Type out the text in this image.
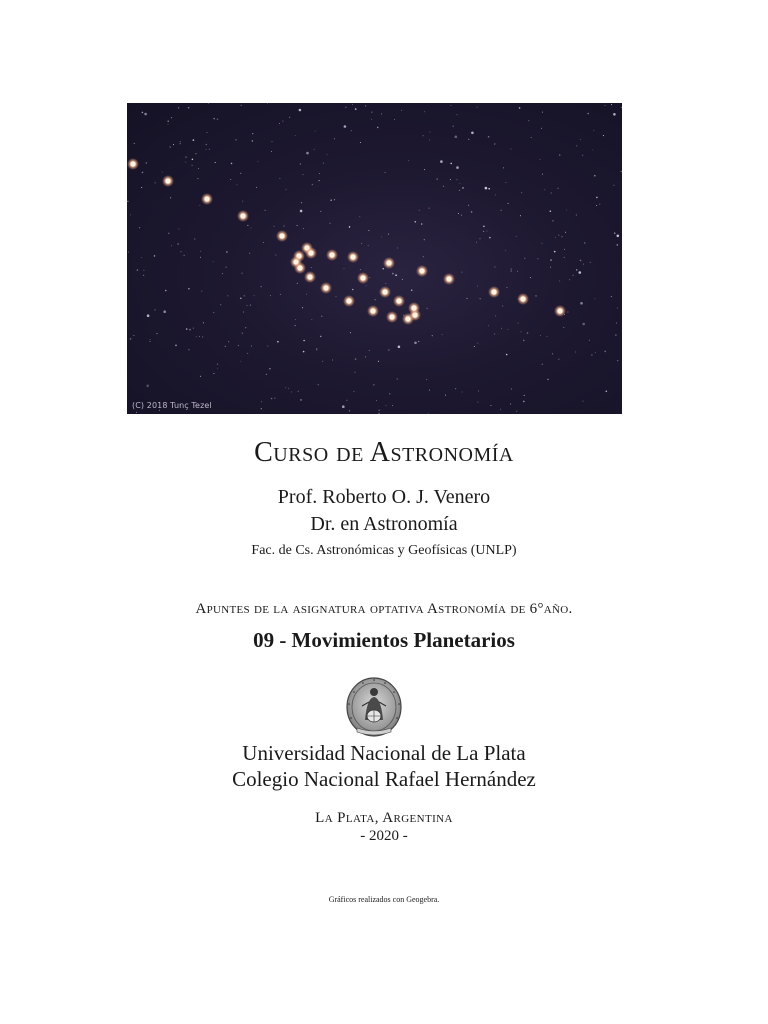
(C) 2018 Tunç Tezel
Curso de Astronomía
Prof. Roberto O. J. Venero
Dr. en Astronomía
Fac. de Cs. Astronómicas y Geofísicas (UNLP)
Apuntes de la asignatura optativa Astronomía de 6°año.
09 - Movimientos Planetarios
Universidad Nacional de La Plata
Colegio Nacional Rafael Hernández
La Plata, Argentina
- 2020 -
Gráficos realizados con Geogebra.
